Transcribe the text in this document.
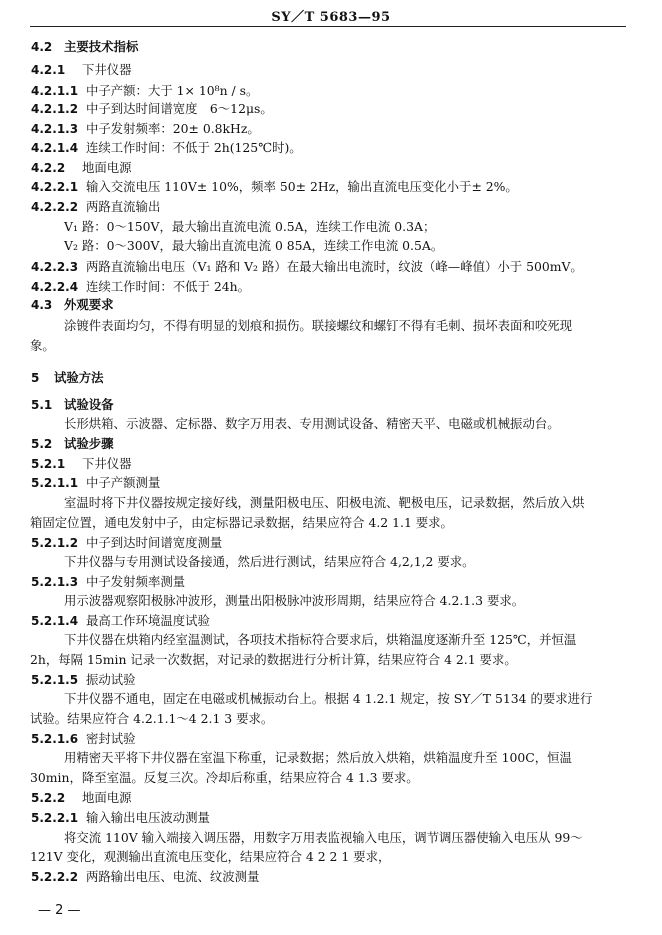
SY／T 5683—95
4.2 主要技术指标
4.2.1 下井仪器
4.2.1.1 中子产额：大于 1× 10⁸n / s。
4.2.1.2 中子到达时间谱宽度　6～12μs。
4.2.1.3 中子发射频率：20± 0.8kHz。
4.2.1.4 连续工作时间：不低于 2h(125℃时)。
4.2.2 地面电源
4.2.2.1 输入交流电压 110V± 10%，频率 50± 2Hz，输出直流电压变化小于± 2%。
4.2.2.2 两路直流输出
V₁ 路：0～150V，最大输出直流电流 0.5A，连续工作电流 0.3A；
V₂ 路：0～300V，最大输出直流电流 0 85A，连续工作电流 0.5A。
4.2.2.3 两路直流输出电压（V₁ 路和 V₂ 路）在最大输出电流时，纹波（峰—峰值）小于 500mV。
4.2.2.4 连续工作时间：不低于 24h。
4.3 外观要求
涂镀件表面均匀，不得有明显的划痕和损伤。联接螺纹和螺钉不得有毛刺、损坏表面和咬死现
象。
5 试验方法
5.1 试验设备
长形烘箱、示波器、定标器、数字万用表、专用测试设备、精密天平、电磁或机械振动台。
5.2 试验步骤
5.2.1 下井仪器
5.2.1.1 中子产额测量
室温时将下井仪器按规定接好线，测量阳极电压、阳极电流、靶极电压，记录数据，然后放入烘
箱固定位置，通电发射中子，由定标器记录数据，结果应符合 4.2 1.1 要求。
5.2.1.2 中子到达时间谱宽度测量
下井仪器与专用测试设备接通，然后进行测试，结果应符合 4,2,1,2 要求。
5.2.1.3 中子发射频率测量
用示波器观察阳极脉冲波形，测量出阳极脉冲波形周期，结果应符合 4.2.1.3 要求。
5.2.1.4 最高工作环境温度试验
下井仪器在烘箱内经室温测试，各项技术指标符合要求后，烘箱温度逐渐升至 125℃，并恒温
2h，每隔 15min 记录一次数据，对记录的数据进行分析计算，结果应符合 4 2.1 要求。
5.2.1.5 振动试验
下井仪器不通电，固定在电磁或机械振动台上。根据 4 1.2.1 规定，按 SY／T 5134 的要求进行
试验。结果应符合 4.2.1.1～4 2.1 3 要求。
5.2.1.6 密封试验
用精密天平将下井仪器在室温下称重，记录数据；然后放入烘箱，烘箱温度升至 100C，恒温
30min，降至室温。反复三次。冷却后称重，结果应符合 4 1.3 要求。
5.2.2 地面电源
5.2.2.1 输入输出电压波动测量
将交流 110V 输入端接入调压器，用数字万用表监视输入电压，调节调压器使输入电压从 99～
121V 变化，观测输出直流电压变化，结果应符合 4 2 2 1 要求，
5.2.2.2 两路输出电压、电流、纹波测量
— 2 —
